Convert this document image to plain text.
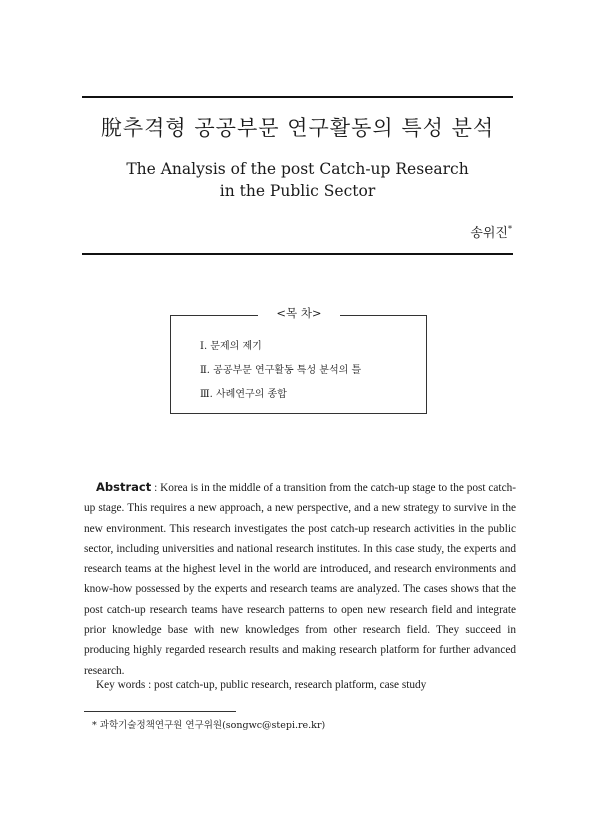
脫추격형 공공부문 연구활동의 특성 분석
The Analysis of the post Catch-up Research
in the Public Sector
송위진*
<목 차>
Ⅰ. 문제의 제기
Ⅱ. 공공부문 연구활동 특성 분석의 틀
Ⅲ. 사례연구의 종합
Abstract : Korea is in the middle of a transition from the catch-up stage to the post catch-up stage. This requires a new approach, a new perspective, and a new strategy to survive in the new environment. This research investigates the post catch-up research activities in the public sector, including universities and national research institutes. In this case study, the experts and research teams at the highest level in the world are introduced, and research environments and know-how possessed by the experts and research teams are analyzed. The cases shows that the post catch-up research teams have research patterns to open new research field and integrate prior knowledge base with new knowledges from other research field. They succeed in producing highly regarded research results and making research platform for further advanced research.
Key words : post catch-up, public research, research platform, case study
* 과학기술정책연구원 연구위원(songwc@stepi.re.kr)
